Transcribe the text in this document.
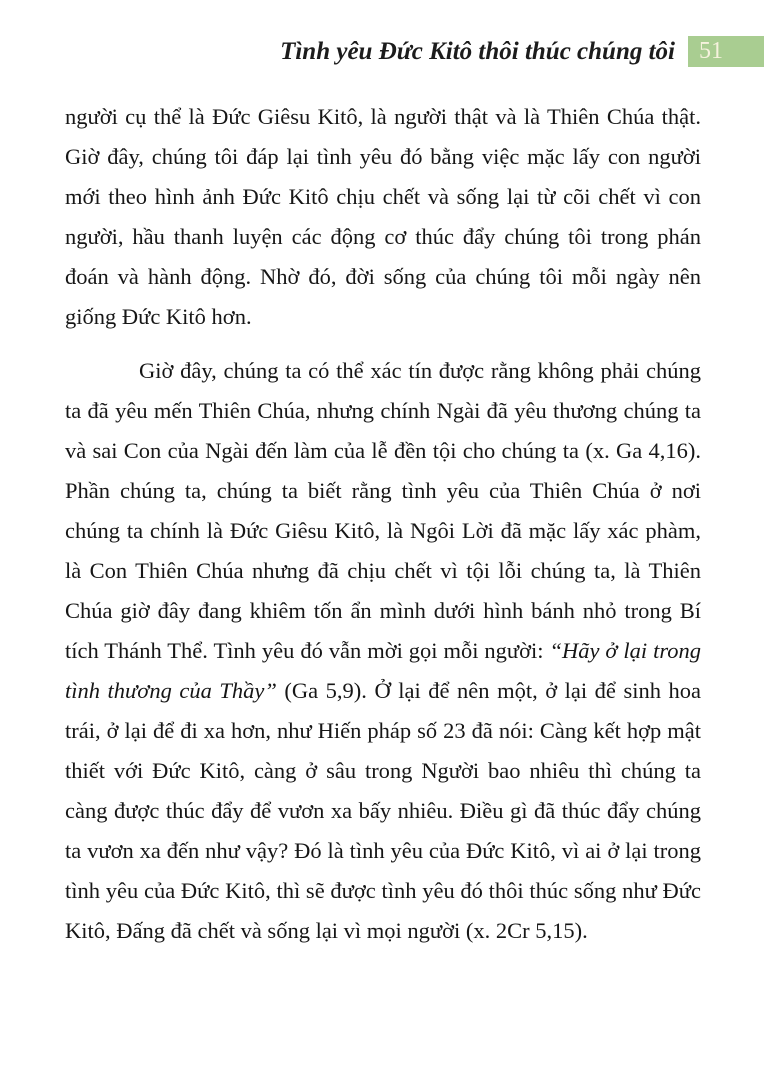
Tình yêu Đức Kitô thôi thúc chúng tôi	51

người cụ thể là Đức Giêsu Kitô, là người thật và là Thiên Chúa thật. Giờ đây, chúng tôi đáp lại tình yêu đó bằng việc mặc lấy con người mới theo hình ảnh Đức Kitô chịu chết và sống lại từ cõi chết vì con người, hầu thanh luyện các động cơ thúc đẩy chúng tôi trong phán đoán và hành động. Nhờ đó, đời sống của chúng tôi mỗi ngày nên giống Đức Kitô hơn.

Giờ đây, chúng ta có thể xác tín được rằng không phải chúng ta đã yêu mến Thiên Chúa, nhưng chính Ngài đã yêu thương chúng ta và sai Con của Ngài đến làm của lễ đền tội cho chúng ta (x. Ga 4,16). Phần chúng ta, chúng ta biết rằng tình yêu của Thiên Chúa ở nơi chúng ta chính là Đức Giêsu Kitô, là Ngôi Lời đã mặc lấy xác phàm, là Con Thiên Chúa nhưng đã chịu chết vì tội lỗi chúng ta, là Thiên Chúa giờ đây đang khiêm tốn ẩn mình dưới hình bánh nhỏ trong Bí tích Thánh Thể. Tình yêu đó vẫn mời gọi mỗi người: “Hãy ở lại trong tình thương của Thầy” (Ga 5,9). Ở lại để nên một, ở lại để sinh hoa trái, ở lại để đi xa hơn, như Hiến pháp số 23 đã nói: Càng kết hợp mật thiết với Đức Kitô, càng ở sâu trong Người bao nhiêu thì chúng ta càng được thúc đẩy để vươn xa bấy nhiêu. Điều gì đã thúc đẩy chúng ta vươn xa đến như vậy? Đó là tình yêu của Đức Kitô, vì ai ở lại trong tình yêu của Đức Kitô, thì sẽ được tình yêu đó thôi thúc sống như Đức Kitô, Đấng đã chết và sống lại vì mọi người (x. 2Cr 5,15).
